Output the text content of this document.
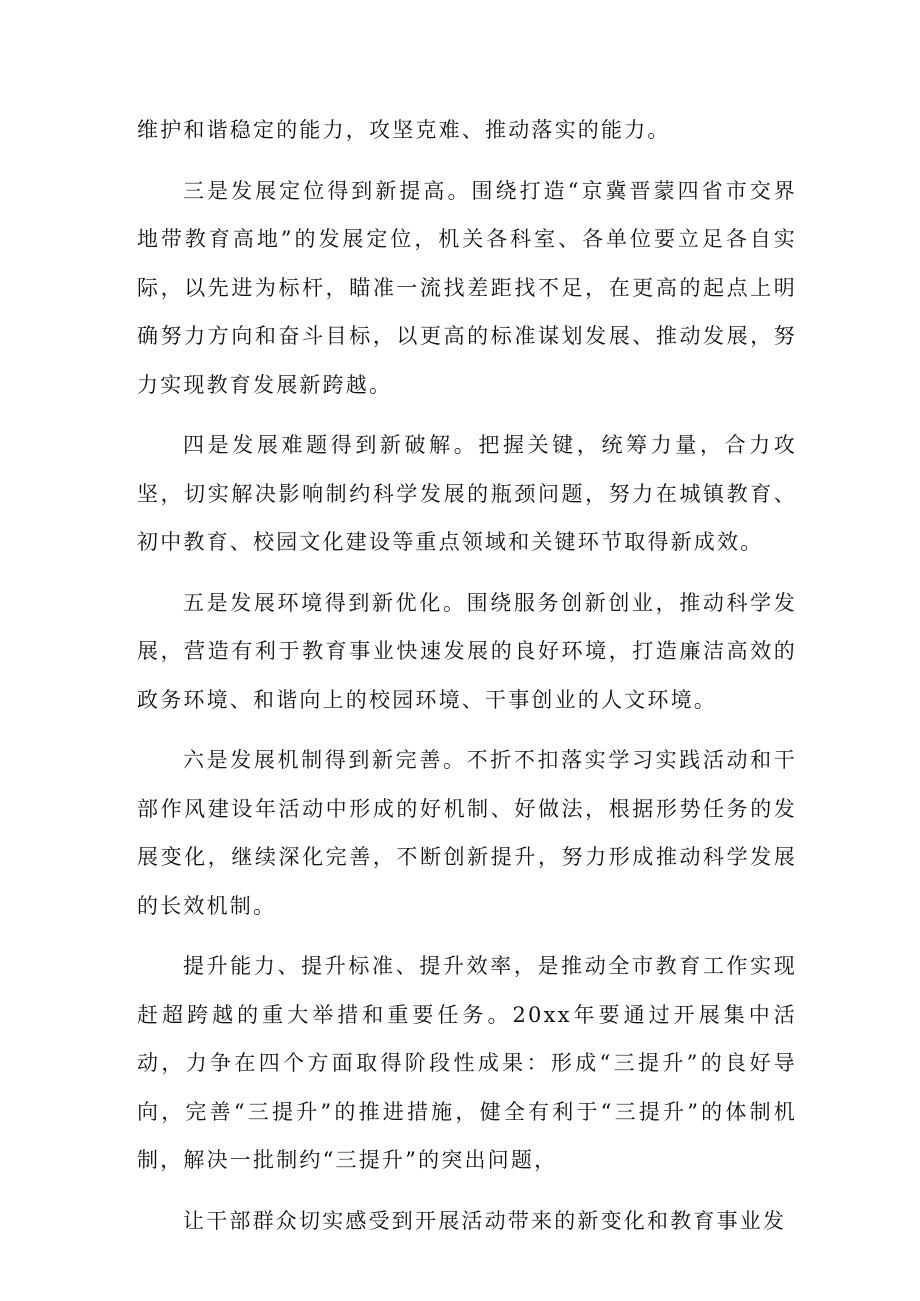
维护和谐稳定的能力，攻坚克难、推动落实的能力。

三是发展定位得到新提高。围绕打造“京冀晋蒙四省市交界地带教育高地”的发展定位，机关各科室、各单位要立足各自实际，以先进为标杆，瞄准一流找差距找不足，在更高的起点上明确努力方向和奋斗目标，以更高的标准谋划发展、推动发展，努力实现教育发展新跨越。

四是发展难题得到新破解。把握关键，统筹力量，合力攻坚，切实解决影响制约科学发展的瓶颈问题，努力在城镇教育、初中教育、校园文化建设等重点领域和关键环节取得新成效。

五是发展环境得到新优化。围绕服务创新创业，推动科学发展，营造有利于教育事业快速发展的良好环境，打造廉洁高效的政务环境、和谐向上的校园环境、干事创业的人文环境。

六是发展机制得到新完善。不折不扣落实学习实践活动和干部作风建设年活动中形成的好机制、好做法，根据形势任务的发展变化，继续深化完善，不断创新提升，努力形成推动科学发展的长效机制。

提升能力、提升标准、提升效率，是推动全市教育工作实现赶超跨越的重大举措和重要任务。20xx年要通过开展集中活动，力争在四个方面取得阶段性成果：形成“三提升”的良好导向，完善“三提升”的推进措施，健全有利于“三提升”的体制机制，解决一批制约“三提升”的突出问题，

让干部群众切实感受到开展活动带来的新变化和教育事业发
